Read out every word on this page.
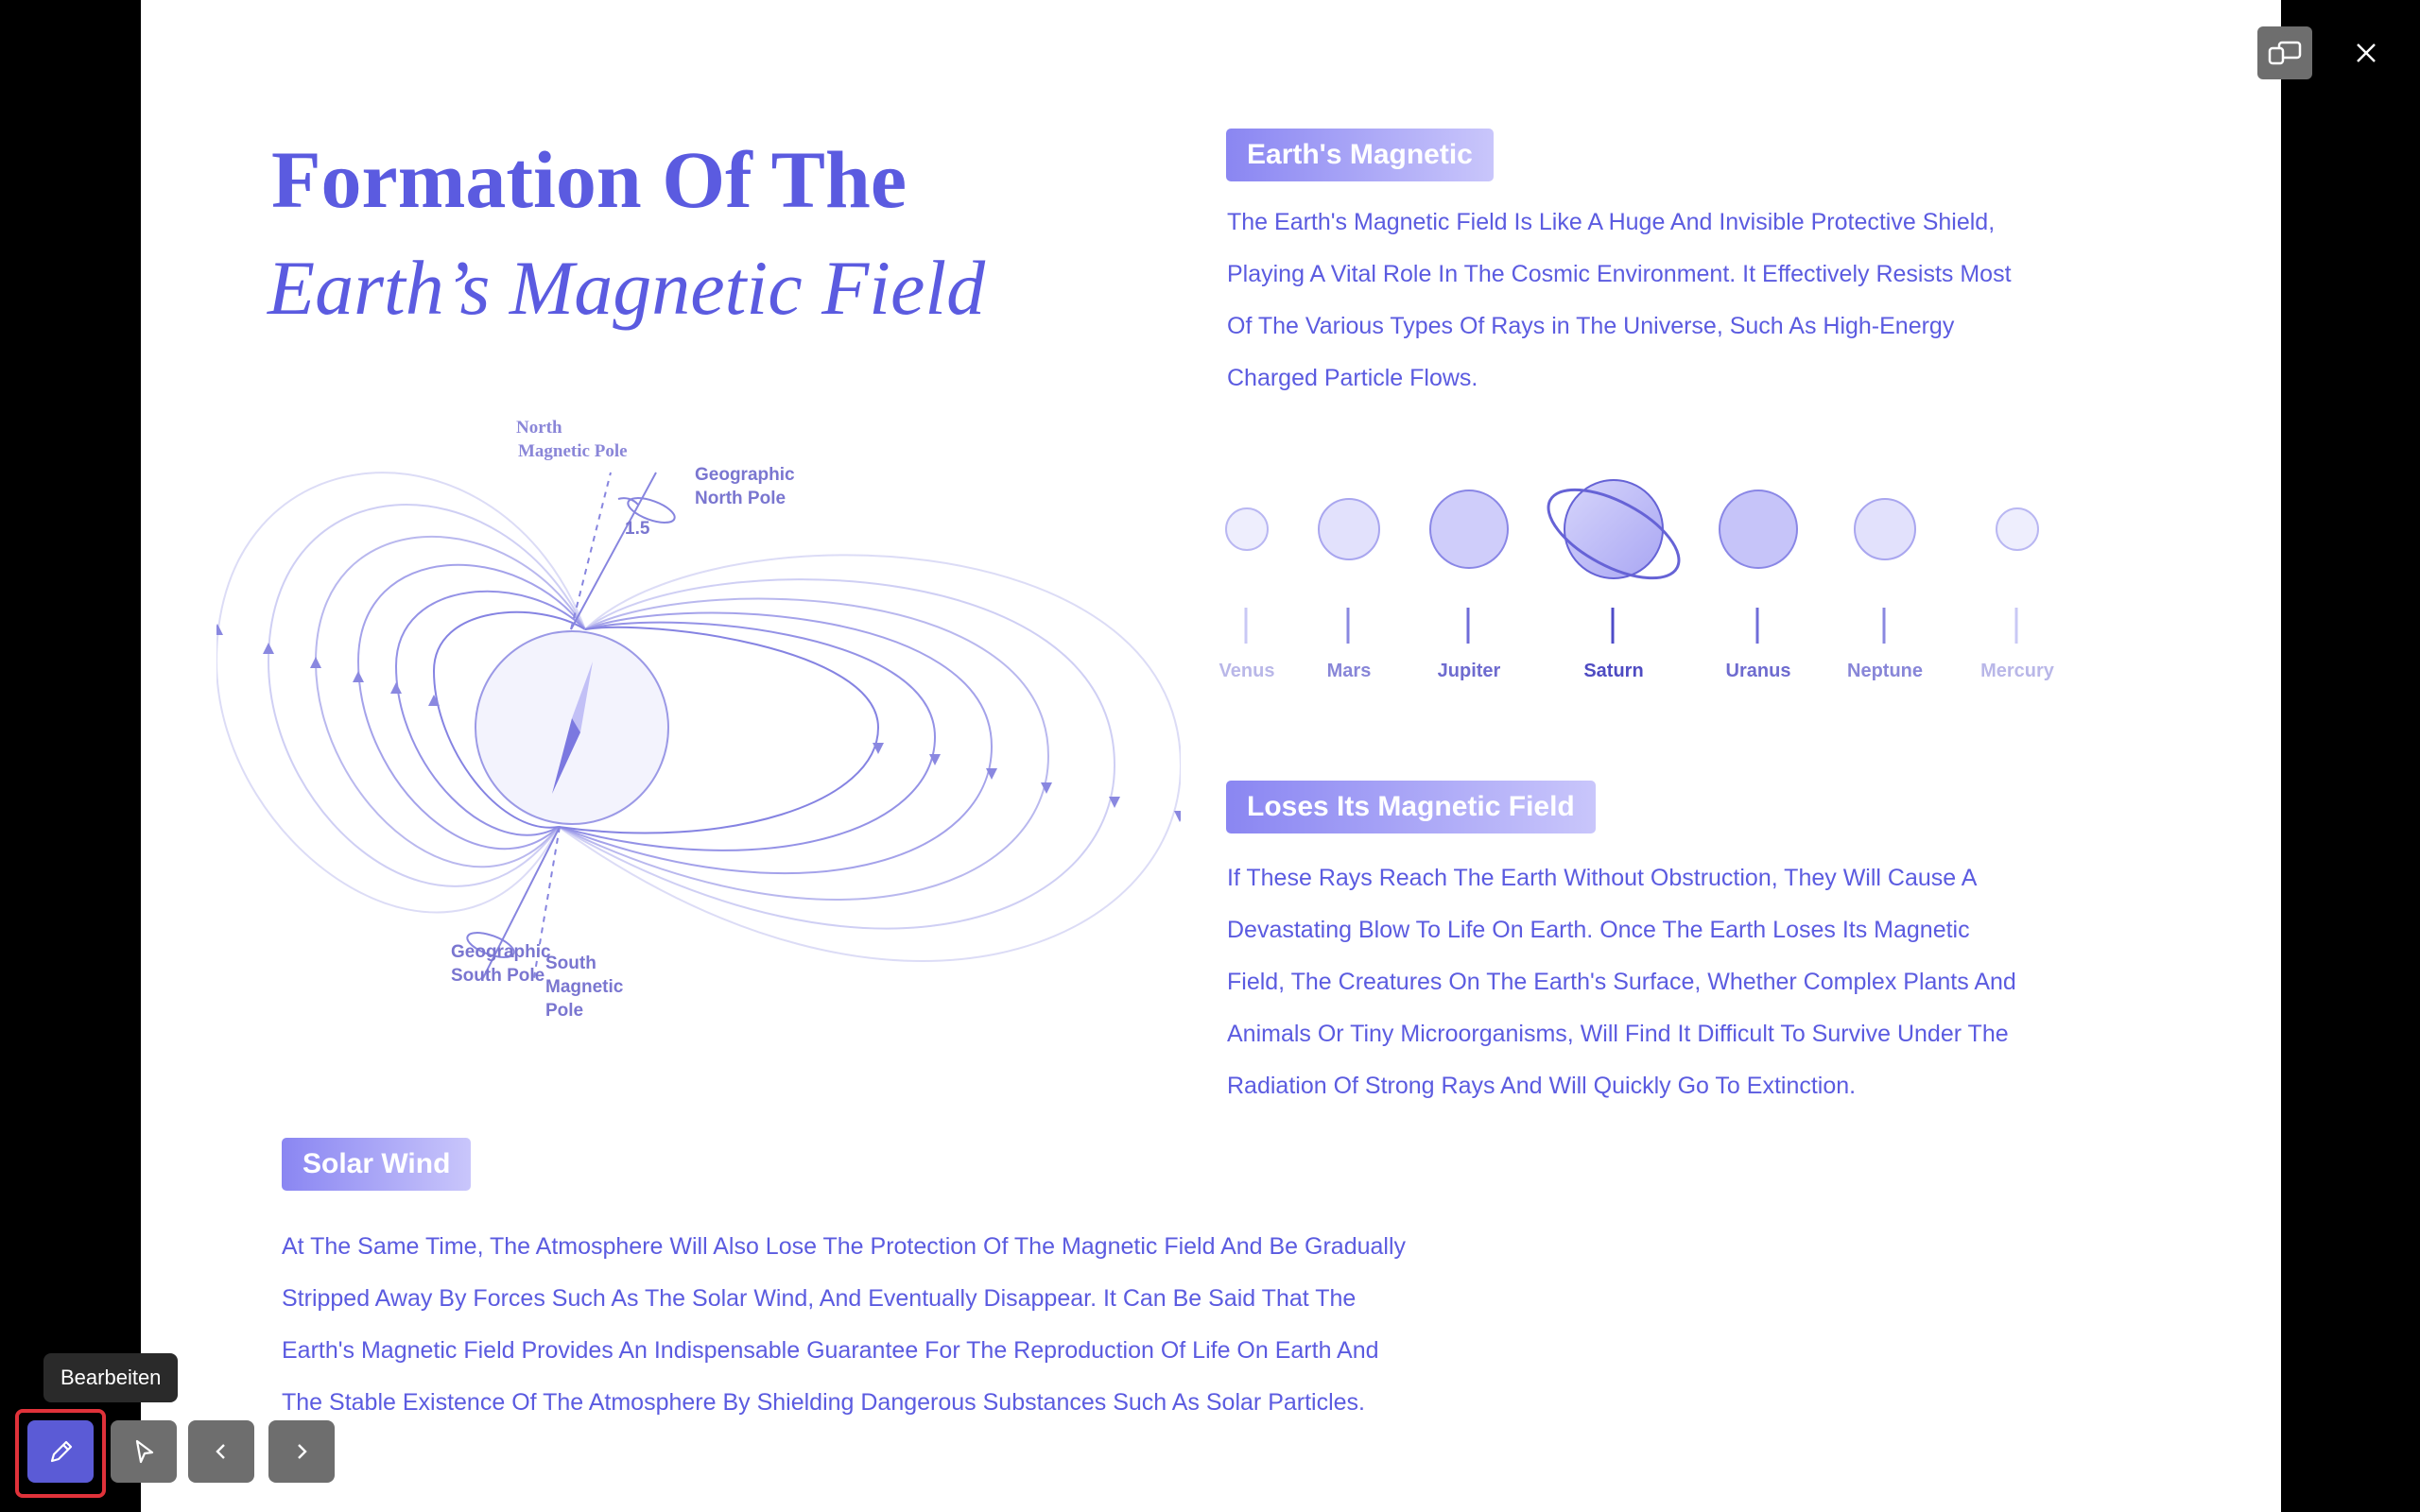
Formation Of The
Earth’s Magnetic Field
Earth's Magnetic
The Earth's Magnetic Field Is Like A Huge And Invisible Protective Shield,
Playing A Vital Role In The Cosmic Environment. It Effectively Resists Most
Of The Various Types Of Rays in The Universe, Such As High-Energy
Charged Particle Flows.
Venus	Mars	Jupiter	Saturn	Uranus	Neptune	Mercury
Loses Its Magnetic Field
If These Rays Reach The Earth Without Obstruction, They Will Cause A
Devastating Blow To Life On Earth. Once The Earth Loses Its Magnetic
Field, The Creatures On The Earth's Surface, Whether Complex Plants And
Animals Or Tiny Microorganisms, Will Find It Difficult To Survive Under The
Radiation Of Strong Rays And Will Quickly Go To Extinction.
North
Magnetic Pole
Geographic
North Pole
1.5
Geographic
South Pole
South
Magnetic
Pole
Solar Wind
At The Same Time, The Atmosphere Will Also Lose The Protection Of The Magnetic Field And Be Gradually
Stripped Away By Forces Such As The Solar Wind, And Eventually Disappear. It Can Be Said That The
Earth's Magnetic Field Provides An Indispensable Guarantee For The Reproduction Of Life On Earth And
The Stable Existence Of The Atmosphere By Shielding Dangerous Substances Such As Solar Particles.
Bearbeiten
